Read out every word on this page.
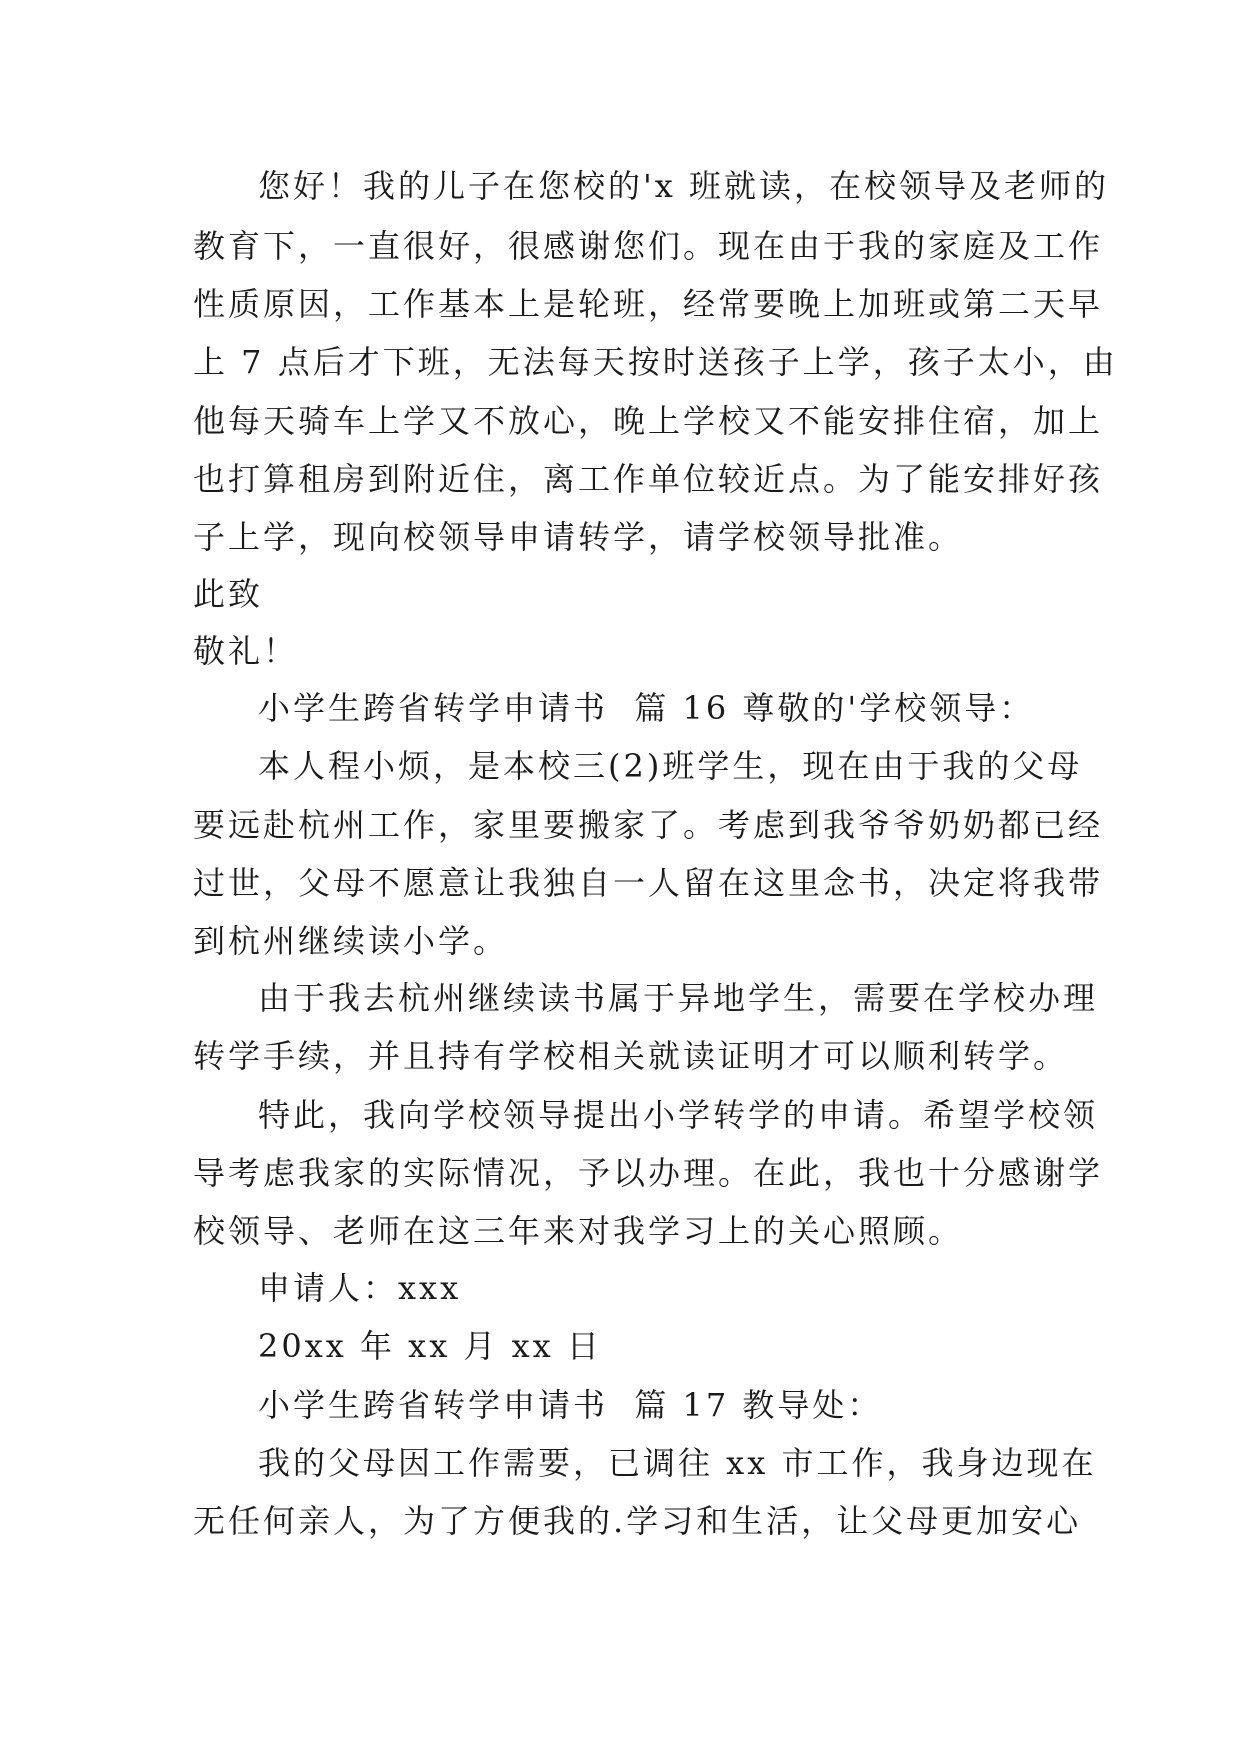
您好！我的儿子在您校的'x 班就读，在校领导及老师的
教育下，一直很好，很感谢您们。现在由于我的家庭及工作
性质原因，工作基本上是轮班，经常要晚上加班或第二天早
上 7 点后才下班，无法每天按时送孩子上学，孩子太小，由
他每天骑车上学又不放心，晚上学校又不能安排住宿，加上
也打算租房到附近住，离工作单位较近点。为了能安排好孩
子上学，现向校领导申请转学，请学校领导批准。
此致
敬礼！
小学生跨省转学申请书  篇 16 尊敬的'学校领导：
本人程小烦，是本校三(2)班学生，现在由于我的父母
要远赴杭州工作，家里要搬家了。考虑到我爷爷奶奶都已经
过世，父母不愿意让我独自一人留在这里念书，决定将我带
到杭州继续读小学。
由于我去杭州继续读书属于异地学生，需要在学校办理
转学手续，并且持有学校相关就读证明才可以顺利转学。
特此，我向学校领导提出小学转学的申请。希望学校领
导考虑我家的实际情况，予以办理。在此，我也十分感谢学
校领导、老师在这三年来对我学习上的关心照顾。
申请人：xxx
20xx 年 xx 月 xx 日
小学生跨省转学申请书  篇 17 教导处：
我的父母因工作需要，已调往 xx 市工作，我身边现在
无任何亲人，为了方便我的.学习和生活，让父母更加安心
